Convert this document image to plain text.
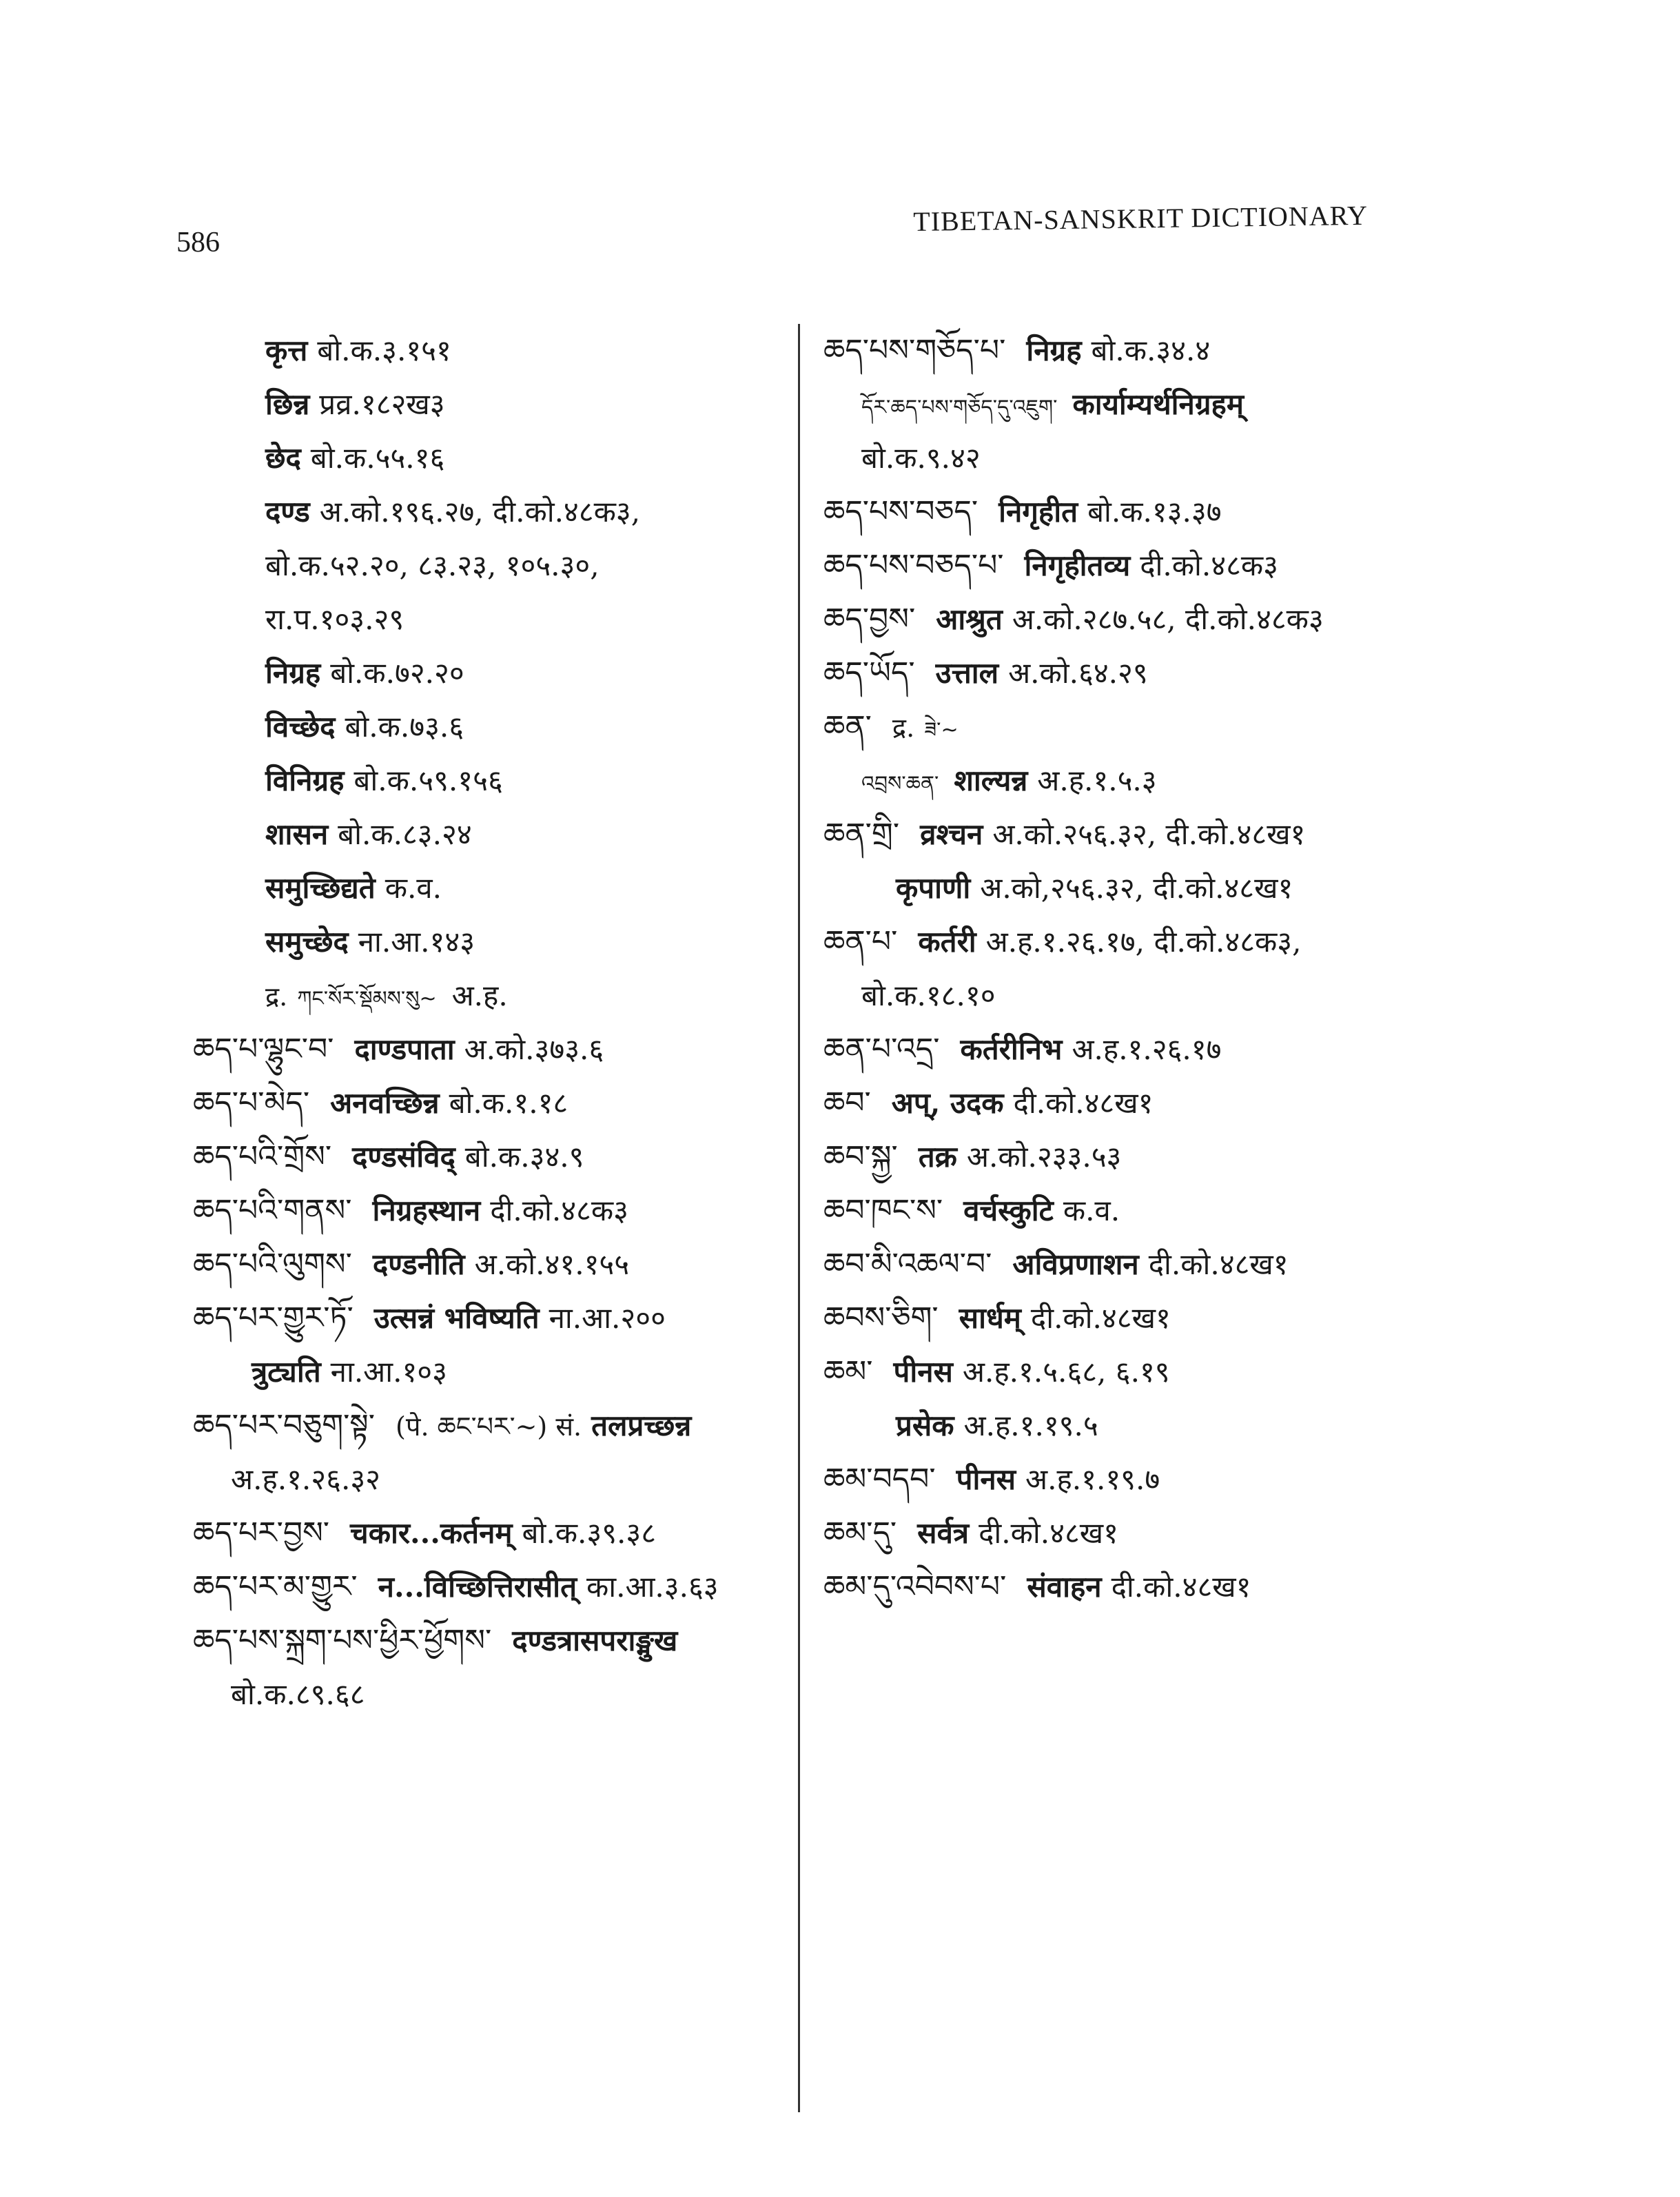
586
TIBETAN-SANSKRIT DICTIONARY
कृत्त बो.क.३.१५१
छिन्न प्रव्र.१८२ख३
छेद बो.क.५५.१६
दण्ड अ.को.१९६.२७, दी.को.४८क३,
बो.क.५२.२०, ८३.२३, १०५.३०,
रा.प.१०३.२९
निग्रह बो.क.७२.२०
विच्छेद बो.क.७३.६
विनिग्रह बो.क.५९.१५६
शासन बो.क.८३.२४
समुच्छिद्यते क.व.
समुच्छेद ना.आ.१४३
द्र. ཀང་སོར་སྡོམས་སུ~ अ.ह.
ཆད་པ་ལྷུང་བ་ दाण्डपाता अ.को.३७३.६
ཆད་པ་མེད་ अनवच्छिन्न बो.क.१.१८
ཆད་པའི་གྲོས་ दण्डसंविद् बो.क.३४.९
ཆད་པའི་གནས་ निग्रहस्थान दी.को.४८क३
ཆད་པའི་ལུགས་ दण्डनीति अ.को.४१.१५५
ཆད་པར་གྱུར་ཏོ་ उत्सन्नं भविष्यति ना.आ.२००
त्रुट्यति ना.आ.१०३
ཆད་པར་བཅུག་སྟེ་ (पे. ཆང་པར་~) सं. तलप्रच्छन्न
अ.ह.१.२६.३२
ཆད་པར་བྱས་ चकार...कर्तनम् बो.क.३९.३८
ཆད་པར་མ་གྱུར་ न...विच्छित्तिरासीत् का.आ.३.६३
ཆད་པས་སྐྲག་པས་ཕྱིར་ཕྱོགས་ दण्डत्रासपराङ्मुख
बो.क.८९.६८
ཆད་པས་གཅོད་པ་ निग्रह बो.क.३४.४
དོར་ཆད་པས་གཅོད་དུ་འཇུག་ कार्याम्यर्थनिग्रहम्
बो.क.९.४२
ཆད་པས་བཅད་ निगृहीत बो.क.१३.३७
ཆད་པས་བཅད་པ་ निगृहीतव्य दी.को.४८क३
ཆད་བྱས་ आश्रुत अ.को.२८७.५८, दी.को.४८क३
ཆད་ཡོད་ उत्ताल अ.को.६४.२९
ཆན་ द्र. ཟེ་~
འབྲས་ཆན་ शाल्यन्न अ.ह.१.५.३
ཆན་གྲི་ व्रश्चन अ.को.२५६.३२, दी.को.४८ख१
कृपाणी अ.को,२५६.३२, दी.को.४८ख१
ཆན་པ་ कर्तरी अ.ह.१.२६.१७, दी.को.४८क३,
बो.क.१८.१०
ཆན་པ་འདྲ་ कर्तरीनिभ अ.ह.१.२६.१७
ཆབ་ अप्, उदक दी.को.४८ख१
ཆབ་སྐྱ་ तक्र अ.को.२३३.५३
ཆབ་ཁང་ས་ वर्चस्कुटि क.व.
ཆབ་མི་འཆལ་བ་ अविप्रणाशन दी.को.४८ख१
ཆབས་ཅིག་ सार्धम् दी.को.४८ख१
ཆམ་ पीनस अ.ह.१.५.६८, ६.१९
प्रसेक अ.ह.१.१९.५
ཆམ་བདབ་ पीनस अ.ह.१.१९.७
ཆམ་དུ་ सर्वत्र दी.को.४८ख१
ཆམ་དུ་འབེབས་པ་ संवाहन दी.को.४८ख१
